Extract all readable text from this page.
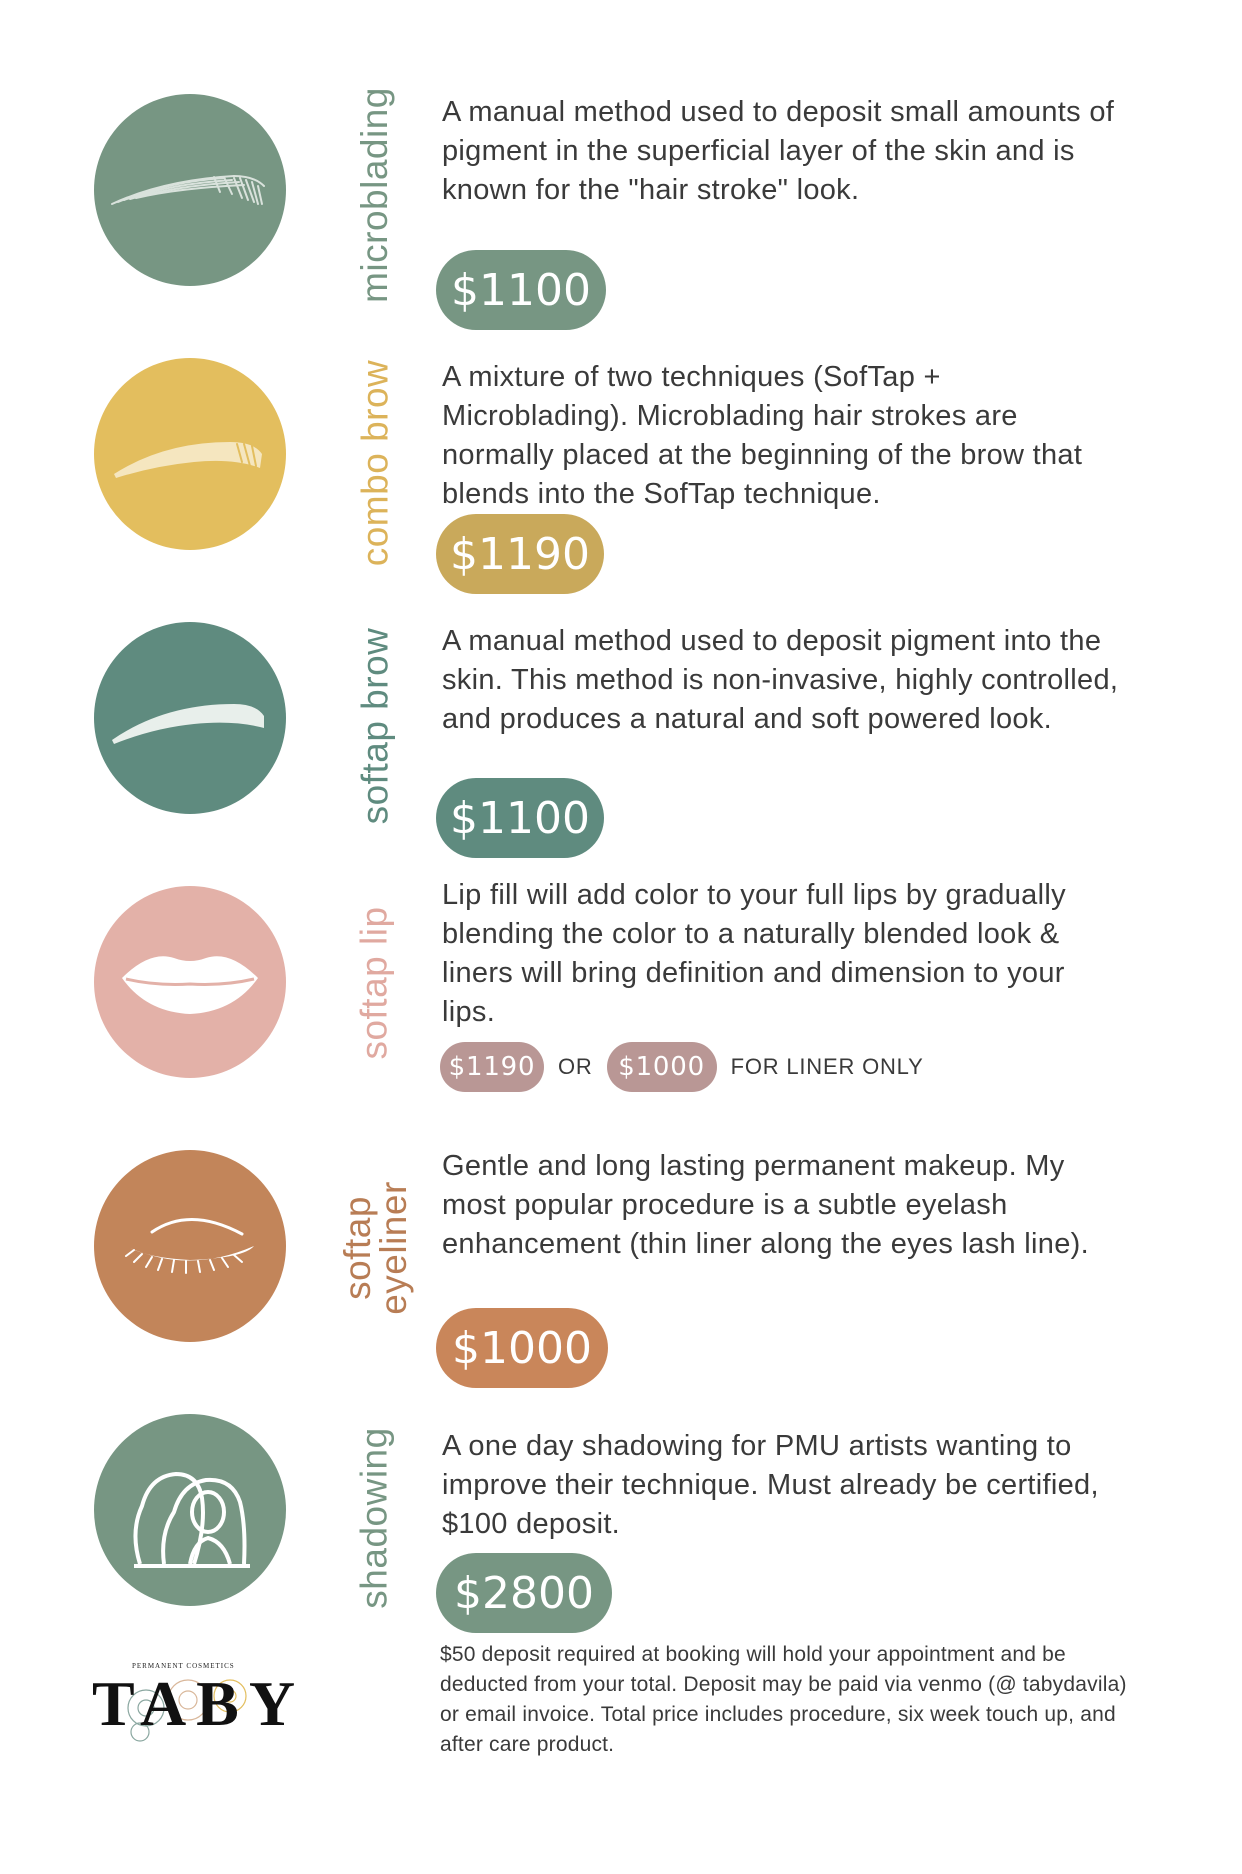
microblading A manual method used to deposit small amounts of pigment in the superficial layer of the skin and is known for the "hair stroke" look.
$1100
combo brow A mixture of two techniques (SofTap + Microblading). Microblading hair strokes are normally placed at the beginning of the brow that blends into the SofTap technique.
$1190
softap brow A manual method used to deposit pigment into the skin. This method is non-invasive, highly controlled, and produces a natural and soft powered look.
$1100
softap lip
Lip fill will add color to your full lips by gradually blending the color to a naturally blended look & liners will bring definition and dimension to your lips.
$1190	OR $1000	FOR LINER ONLY
softap
eyeliner
Gentle and long lasting permanent makeup. My most popular procedure is a subtle eyelash enhancement (thin liner along the eyes lash line).
$1000
shadowing A one day shadowing for PMU artists wanting to improve their technique. Must already be certified, $100 deposit.
$2800
PERMANENT COSMETICS
TABY
$50 deposit required at booking will hold your appointment and be deducted from your total. Deposit may be paid via venmo (@ tabydavila) or email invoice. Total price includes procedure, six week touch up, and after care product.
